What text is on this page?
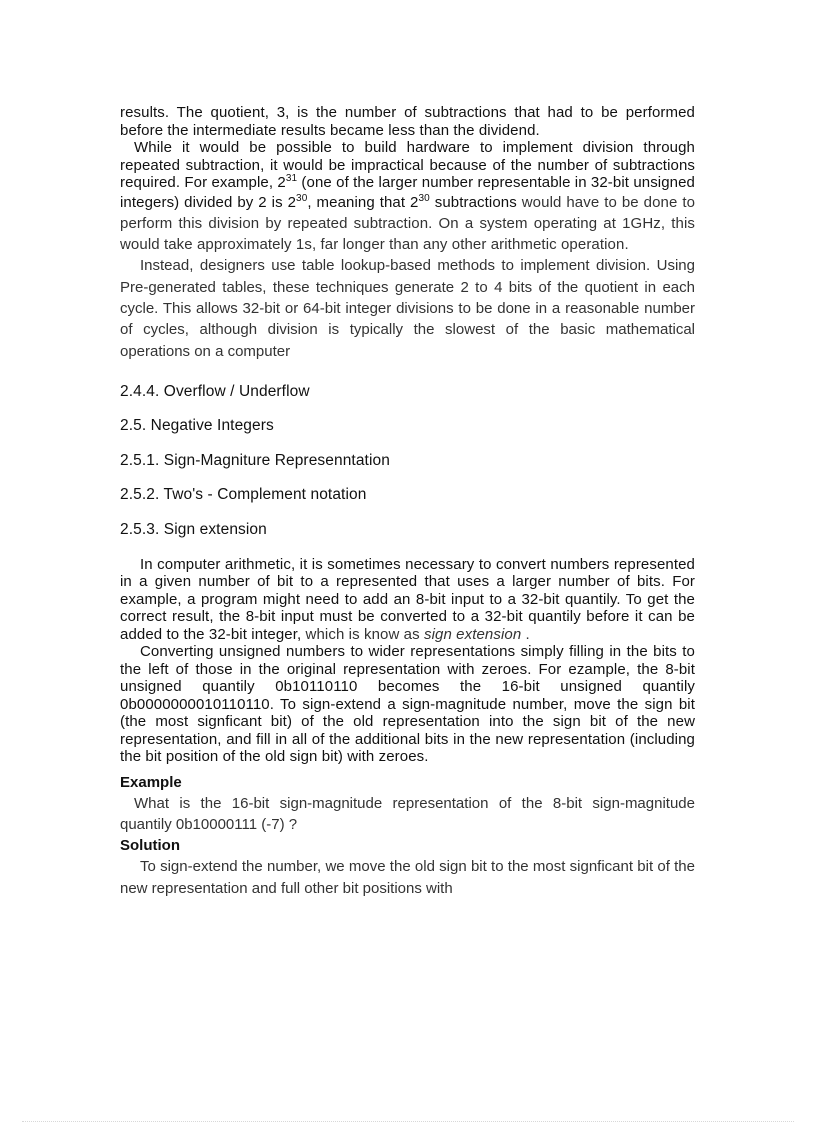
results. The quotient, 3, is the number of subtractions that had to be performed before the intermediate results became less than the dividend.

While it would be possible to build hardware to implement division through repeated subtraction, it would be impractical because of the number of subtractions required. For example, $2^{31}$ (one of the larger number representable in 32-bit unsigned integers) divided by 2 is $2^{30}$, meaning that $2^{30}$ subtractions would have to be done to perform this division by repeated subtraction. On a system operating at 1GHz, this would take approximately 1s, far longer than any other arithmetic operation.

Instead, designers use table lookup-based methods to implement division. Using Pre-generated tables, these techniques generate 2 to 4 bits of the quotient in each cycle. This allows 32-bit or 64-bit integer divisions to be done in a reasonable number of cycles, although division is typically the slowest of the basic mathematical operations on a computer

2.4.4. Overflow / Underflow
2.5. Negative Integers
2.5.1. Sign-Magniture Represenntation
2.5.2. Two's - Complement notation
2.5.3. Sign extension

In computer arithmetic, it is sometimes necessary to convert numbers represented in a given number of bit to a represented that uses a larger number of bits. For example, a program might need to add an 8-bit input to a 32-bit quantily. To get the correct result, the 8-bit input must be converted to a 32-bit quantily before it can be added to the 32-bit integer, which is know as sign extension .

Converting unsigned numbers to wider representations simply filling in the bits to the left of those in the original representation with zeroes. For ezample, the 8-bit unsigned quantily 0b10110110 becomes the 16-bit unsigned quantily 0b0000000010110110. To sign-extend a sign-magnitude number, move the sign bit (the most signficant bit) of the old representation into the sign bit of the new representation, and fill in all of the additional bits in the new representation (including the bit position of the old sign bit) with zeroes.

Example

What is the 16-bit sign-magnitude representation of the 8-bit sign-magnitude quantily 0b10000111 (-7) ?

Solution

To sign-extend the number, we move the old sign bit to the most signficant bit of the new representation and full other bit positions with
